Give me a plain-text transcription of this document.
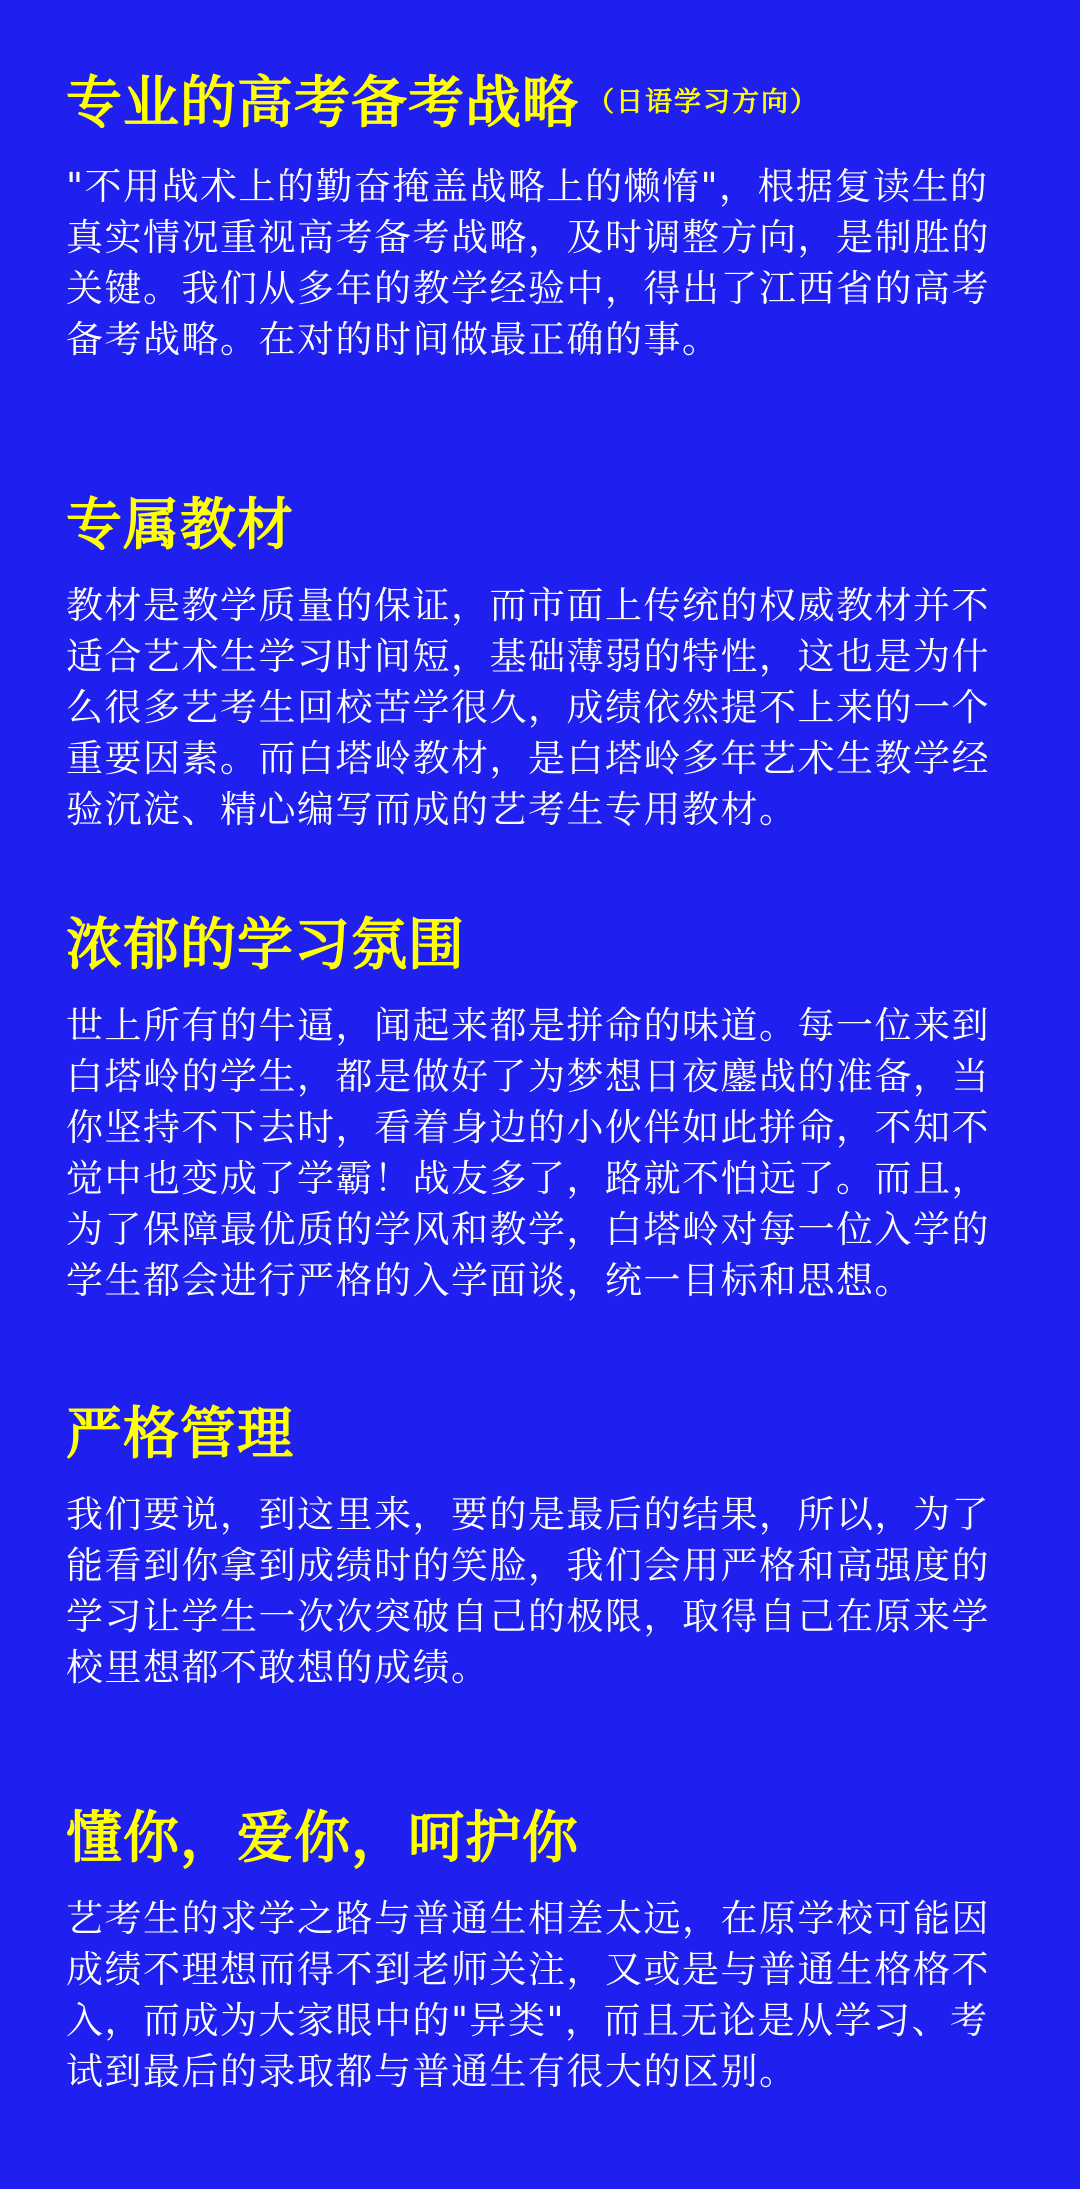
专业的高考备考战略 （日语学习方向）

"不用战术上的勤奋掩盖战略上的懒惰"，根据复读生的真实情况重视高考备考战略，及时调整方向，是制胜的关键。我们从多年的教学经验中，得出了江西省的高考备考战略。在对的时间做最正确的事。

专属教材

教材是教学质量的保证，而市面上传统的权威教材并不适合艺术生学习时间短，基础薄弱的特性，这也是为什么很多艺考生回校苦学很久，成绩依然提不上来的一个重要因素。而白塔岭教材，是白塔岭多年艺术生教学经验沉淀、精心编写而成的艺考生专用教材。

浓郁的学习氛围

世上所有的牛逼，闻起来都是拼命的味道。每一位来到白塔岭的学生，都是做好了为梦想日夜鏖战的准备，当你坚持不下去时，看着身边的小伙伴如此拼命，不知不觉中也变成了学霸！战友多了，路就不怕远了。而且，为了保障最优质的学风和教学，白塔岭对每一位入学的学生都会进行严格的入学面谈，统一目标和思想。

严格管理

我们要说，到这里来，要的是最后的结果，所以，为了能看到你拿到成绩时的笑脸，我们会用严格和高强度的学习让学生一次次突破自己的极限，取得自己在原来学校里想都不敢想的成绩。

懂你，爱你，呵护你

艺考生的求学之路与普通生相差太远，在原学校可能因成绩不理想而得不到老师关注，又或是与普通生格格不入，而成为大家眼中的"异类"，而且无论是从学习、考试到最后的录取都与普通生有很大的区别。
